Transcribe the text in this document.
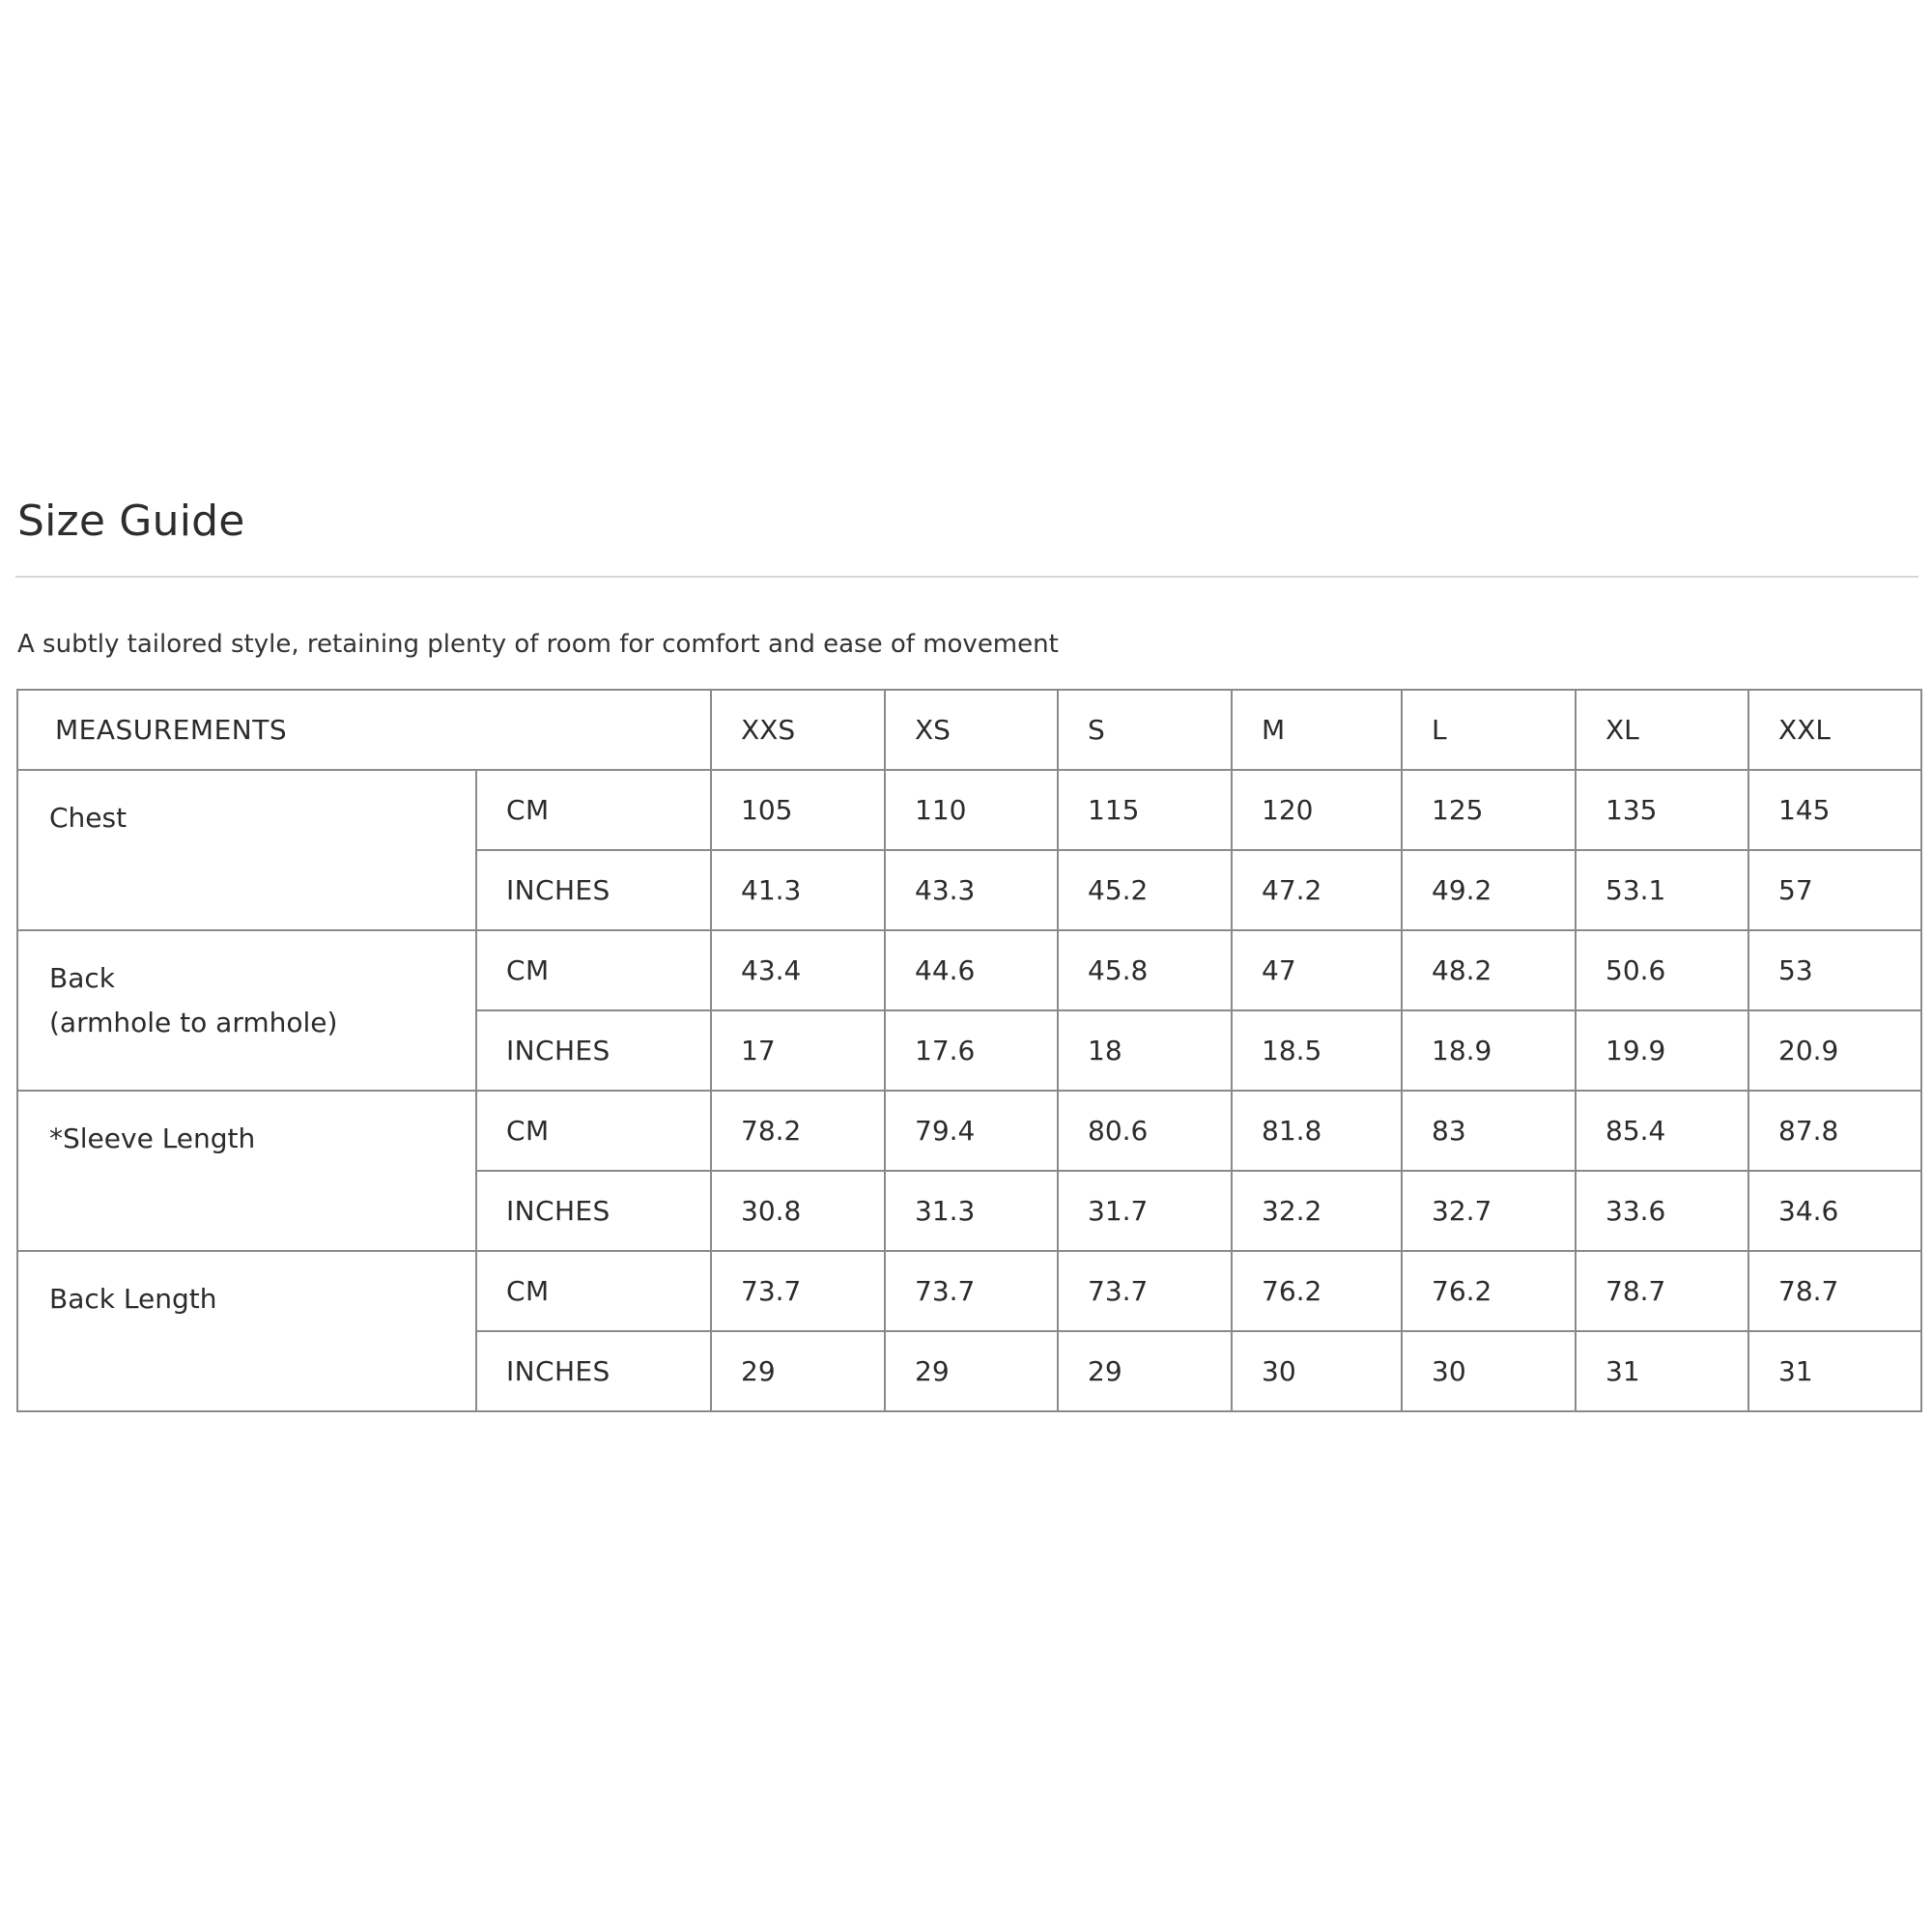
Size Guide

A subtly tailored style, retaining plenty of room for comfort and ease of movement

MEASUREMENTS		XXS	XS	S	M	L	XL	XXL
Chest	CM	105	110	115	120	125	135	145
	INCHES	41.3	43.3	45.2	47.2	49.2	53.1	57
Back
(armhole to armhole)	CM	43.4	44.6	45.8	47	48.2	50.6	53
	INCHES	17	17.6	18	18.5	18.9	19.9	20.9
*Sleeve Length	CM	78.2	79.4	80.6	81.8	83	85.4	87.8
	INCHES	30.8	31.3	31.7	32.2	32.7	33.6	34.6
Back Length	CM	73.7	73.7	73.7	76.2	76.2	78.7	78.7
	INCHES	29	29	29	30	30	31	31
